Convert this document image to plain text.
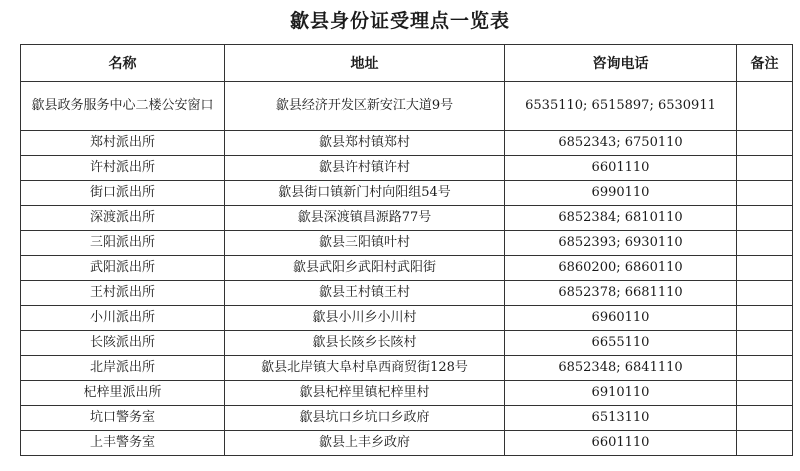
歙县身份证受理点一览表
名称	地址	咨询电话	备注
歙县政务服务中心二楼公安窗口	歙县经济开发区新安江大道9号	6535110; 6515897; 6530911	
郑村派出所	歙县郑村镇郑村	6852343; 6750110	
许村派出所	歙县许村镇许村	6601110	
街口派出所	歙县街口镇新门村向阳组54号	6990110	
深渡派出所	歙县深渡镇昌源路77号	6852384; 6810110	
三阳派出所	歙县三阳镇叶村	6852393; 6930110	
武阳派出所	歙县武阳乡武阳村武阳街	6860200; 6860110	
王村派出所	歙县王村镇王村	6852378; 6681110	
小川派出所	歙县小川乡小川村	6960110	
长陔派出所	歙县长陔乡长陔村	6655110	
北岸派出所	歙县北岸镇大阜村阜西商贸街128号	6852348; 6841110	
杞梓里派出所	歙县杞梓里镇杞梓里村	6910110	
坑口警务室	歙县坑口乡坑口乡政府	6513110	
上丰警务室	歙县上丰乡政府	6601110	
